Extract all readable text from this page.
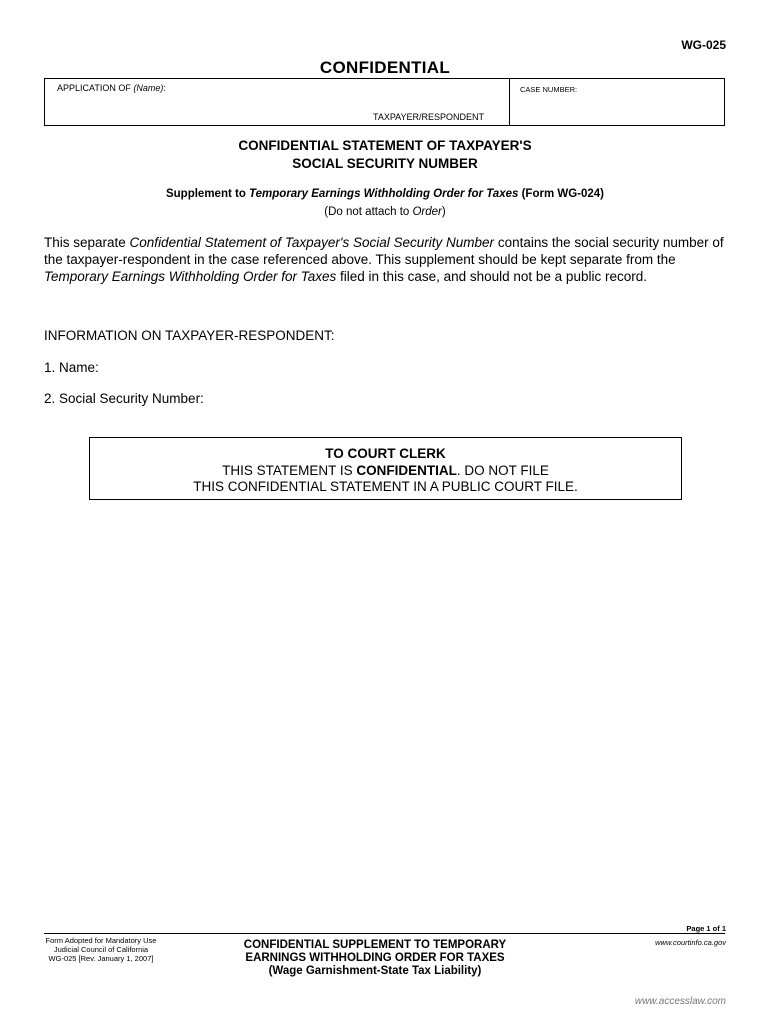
WG-025
CONFIDENTIAL
APPLICATION OF (Name):	CASE NUMBER:
TAXPAYER/RESPONDENT
CONFIDENTIAL STATEMENT OF TAXPAYER'S
SOCIAL SECURITY NUMBER
Supplement to Temporary Earnings Withholding Order for Taxes (Form WG-024)
(Do not attach to Order)
This separate Confidential Statement of Taxpayer's Social Security Number contains the social security number of the taxpayer-respondent in the case referenced above. This supplement should be kept separate from the Temporary Earnings Withholding Order for Taxes filed in this case, and should not be a public record.
INFORMATION ON TAXPAYER-RESPONDENT:
1. Name:
2. Social Security Number:
TO COURT CLERK
THIS STATEMENT IS CONFIDENTIAL. DO NOT FILE
THIS CONFIDENTIAL STATEMENT IN A PUBLIC COURT FILE.
Page 1 of 1
Form Adopted for Mandatory Use
Judicial Council of California
WG-025 [Rev. January 1, 2007]
CONFIDENTIAL SUPPLEMENT TO TEMPORARY
EARNINGS WITHHOLDING ORDER FOR TAXES
(Wage Garnishment-State Tax Liability)
www.courtinfo.ca.gov
www.accesslaw.com
